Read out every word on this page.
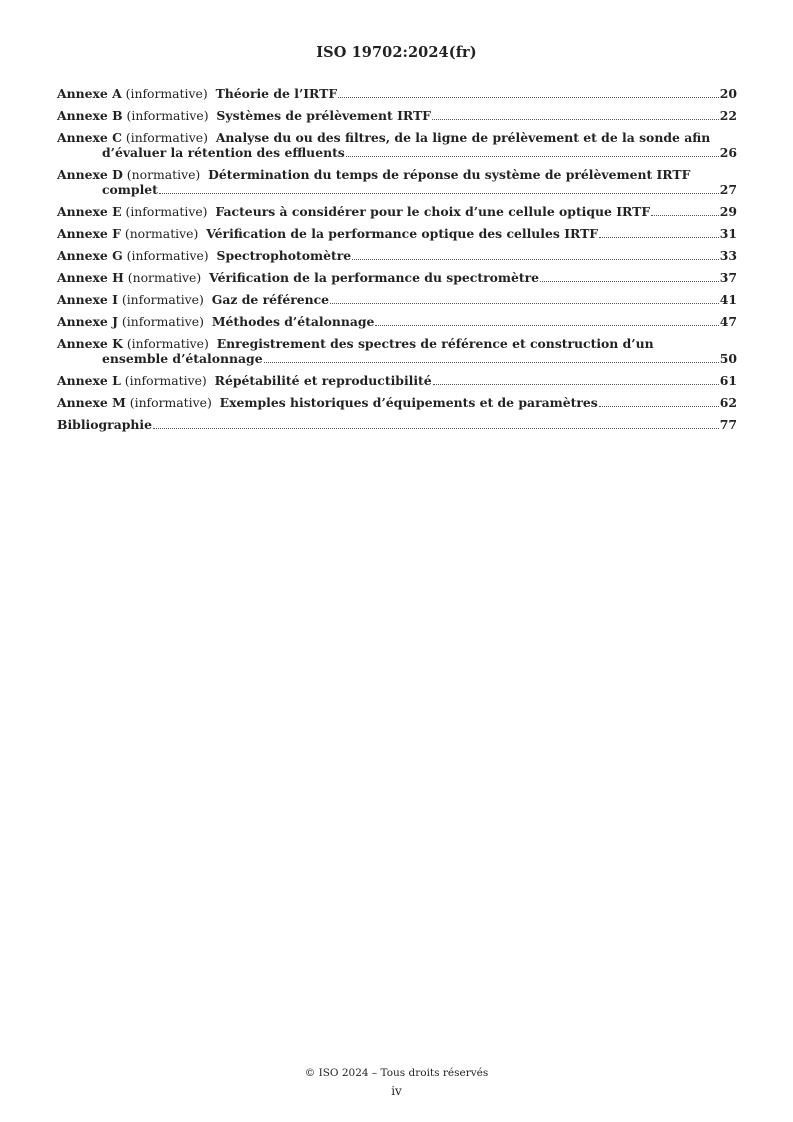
ISO 19702:2024(fr)
Annexe A (informative) Théorie de l’IRTF	20
Annexe B (informative) Systèmes de prélèvement IRTF	22
Annexe C (informative) Analyse du ou des filtres, de la ligne de prélèvement et de la sonde afin
d’évaluer la rétention des effluents	26
Annexe D (normative) Détermination du temps de réponse du système de prélèvement IRTF
complet	27
Annexe E (informative) Facteurs à considérer pour le choix d’une cellule optique IRTF	29
Annexe F (normative) Vérification de la performance optique des cellules IRTF	31
Annexe G (informative) Spectrophotomètre	33
Annexe H (normative) Vérification de la performance du spectromètre	37
Annexe I (informative) Gaz de référence	41
Annexe J (informative) Méthodes d’étalonnage	47
Annexe K (informative) Enregistrement des spectres de référence et construction d’un
ensemble d’étalonnage	50
Annexe L (informative) Répétabilité et reproductibilité	61
Annexe M (informative) Exemples historiques d’équipements et de paramètres	62
Bibliographie	77
© ISO 2024 – Tous droits réservés
iv
